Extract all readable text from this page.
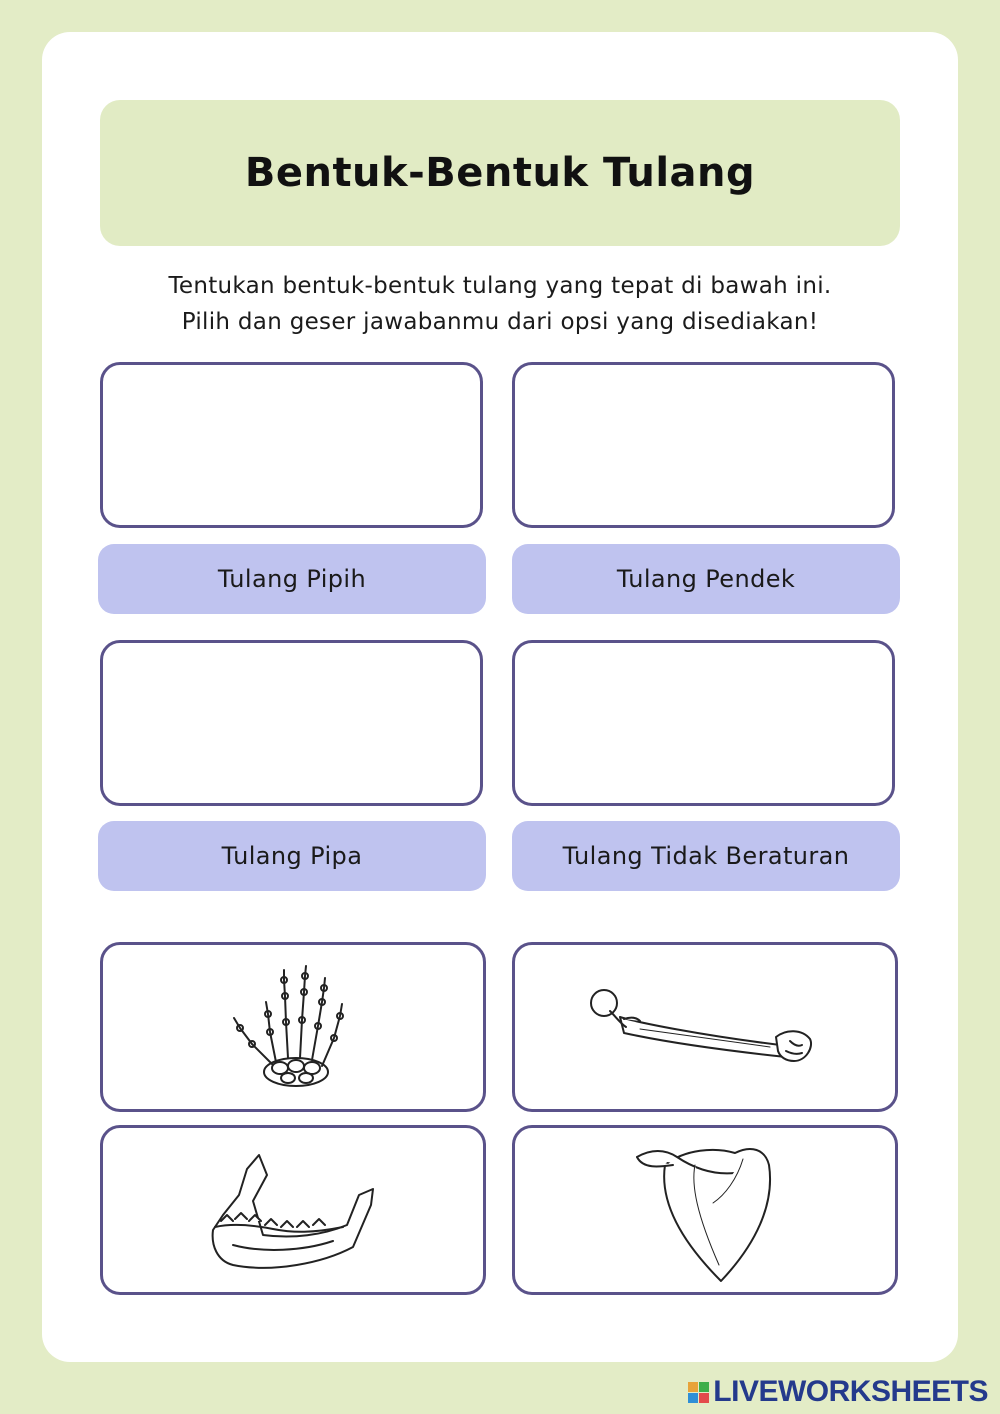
Bentuk-Bentuk Tulang
Tentukan bentuk-bentuk tulang yang tepat di bawah ini.
Pilih dan geser jawabanmu dari opsi yang disediakan!
Tulang Pipih	Tulang Pendek
Tulang Pipa	Tulang Tidak Beraturan
LIVEWORKSHEETS
